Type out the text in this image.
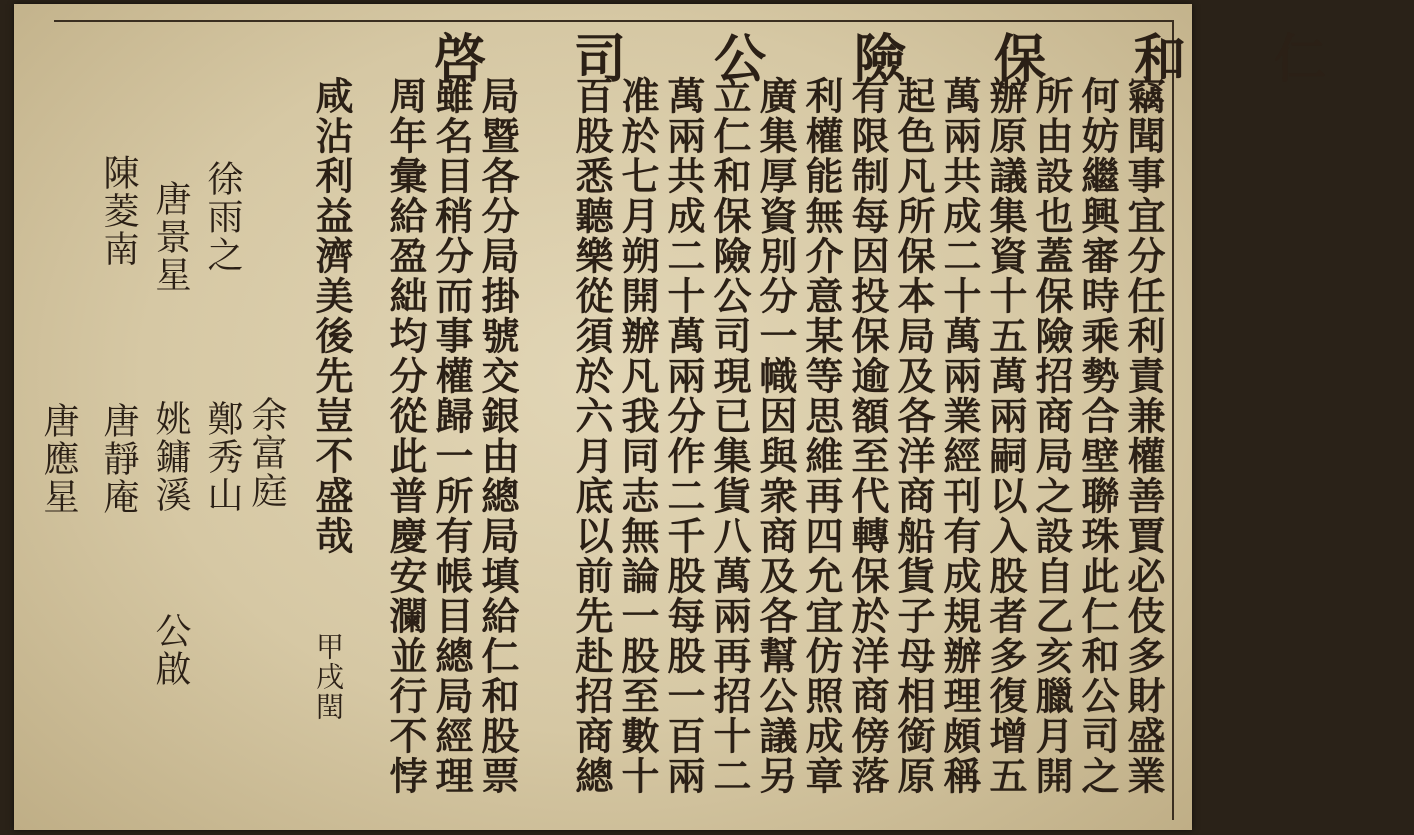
仁和保險公司啓
竊聞事宜分任利責兼權善賈必伎多財盛業
何妨繼興審時乘勢合壁聯珠此仁和公司之
所由設也蓋保險招商局之設自乙亥臘月開
辦原議集資十五萬兩嗣以入股者多復增五
萬兩共成二十萬兩業經刊有成規辦理頗稱
起色凡所保本局及各洋商船貨子母相銜原
有限制每因投保逾額至代轉保於洋商傍落
利權能無介意某等思維再四允宜仿照成章
廣集厚資別分一幟因與衆商及各幫公議另
立仁和保險公司現已集貨八萬兩再招十二
萬兩共成二十萬兩分作二千股每股一百兩
准於七月朔開辦凡我同志無論一股至數十
百股悉聽樂從須於六月底以前先赴招商總
局暨各分局掛號交銀由總局填給仁和股票
雖名目稍分而事權歸一所有帳目總局經理
周年彙給盈絀均分從此普慶安瀾並行不悖
咸沾利益濟美後先豈不盛哉
甲戌閏
余富庭
徐雨之
鄭秀山
唐景星
姚鏞溪
陳菱南
唐靜庵
唐應星
公啟
